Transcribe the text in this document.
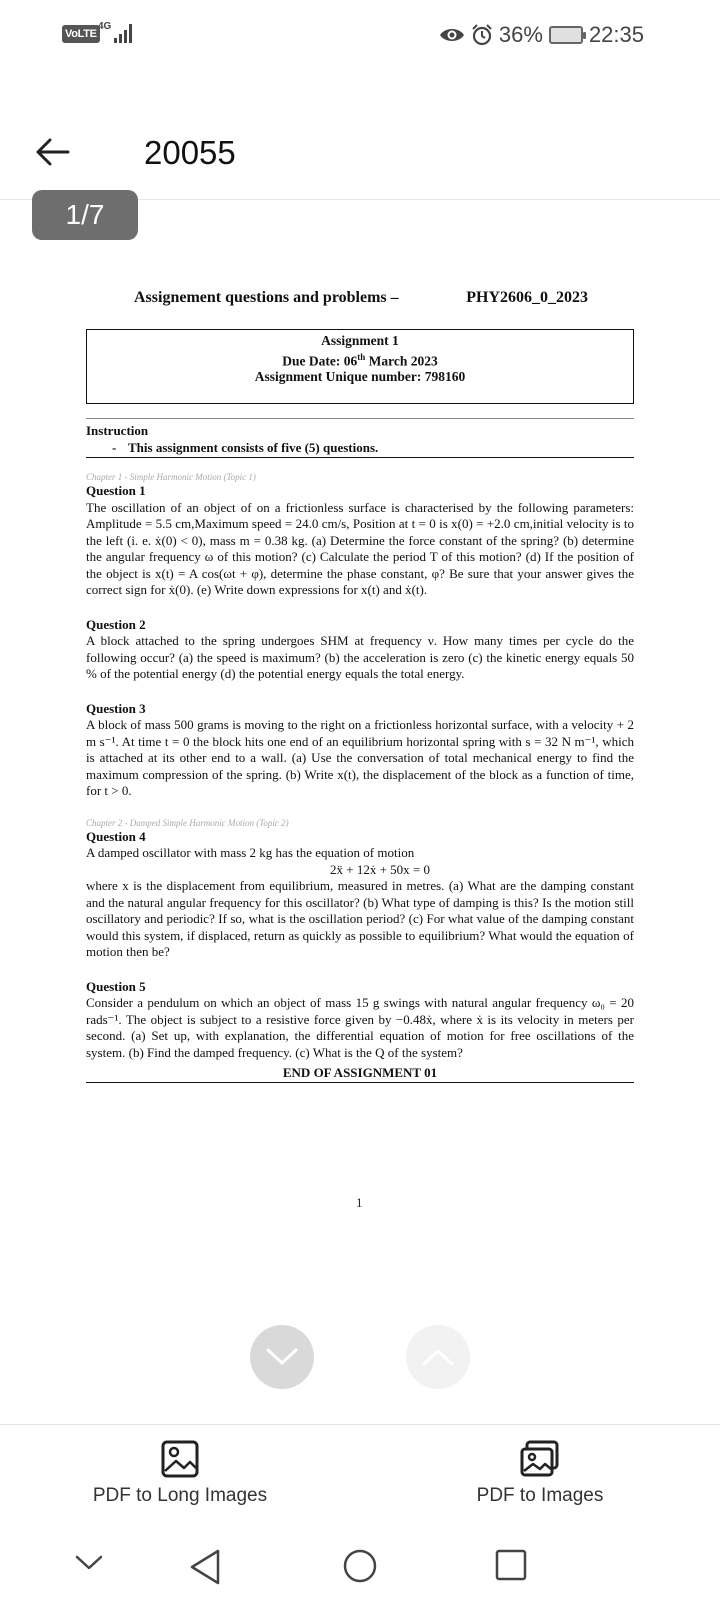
VoLTE
4G	36% 22:35
20055
1/7
Assignement questions and problems –	PHY2606_0_2023
Assignment 1
Due Date: 06th March 2023
Assignment Unique number: 798160
Instruction
- This assignment consists of five (5) questions.
Chapter 1 - Simple Harmonic Motion (Topic 1)
Question 1
The oscillation of an object of on a frictionless surface is characterised by the following parameters: Amplitude = 5.5 cm,Maximum speed = 24.0 cm/s, Position at t = 0 is x(0) = +2.0 cm,initial velocity is to the left (i. e. ẋ(0) < 0), mass m = 0.38 kg. (a) Determine the force constant of the spring? (b) determine the angular frequency ω of this motion? (c) Calculate the period T of this motion? (d) If the position of the object is x(t) = A cos(ωt + φ), determine the phase constant, φ? Be sure that your answer gives the correct sign for ẋ(0). (e) Write down expressions for x(t) and ẋ(t).
Question 2
A block attached to the spring undergoes SHM at frequency ν. How many times per cycle do the following occur? (a) the speed is maximum? (b) the acceleration is zero (c) the kinetic energy equals 50 % of the potential energy (d) the potential energy equals the total energy.
Question 3
A block of mass 500 grams is moving to the right on a frictionless horizontal surface, with a velocity + 2 m s⁻¹. At time t = 0 the block hits one end of an equilibrium horizontal spring with s = 32 N m⁻¹, which is attached at its other end to a wall. (a) Use the conversation of total mechanical energy to find the maximum compression of the spring. (b) Write x(t), the displacement of the block as a function of time, for t > 0.
Chapter 2 - Damped Simple Harmonic Motion (Topic 2)
Question 4
A damped oscillator with mass 2 kg has the equation of motion
2ẍ + 12ẋ + 50x = 0
where x is the displacement from equilibrium, measured in metres. (a) What are the damping constant and the natural angular frequency for this oscillator? (b) What type of damping is this? Is the motion still oscillatory and periodic? If so, what is the oscillation period? (c) For what value of the damping constant would this system, if displaced, return as quickly as possible to equilibrium? What would the equation of motion then be?
Question 5
Consider a pendulum on which an object of mass 15 g swings with natural angular frequency ω₀ = 20 rads⁻¹. The object is subject to a resistive force given by −0.48ẋ, where ẋ is its velocity in meters per second. (a) Set up, with explanation, the differential equation of motion for free oscillations of the system. (b) Find the damped frequency. (c) What is the Q of the system?
END OF ASSIGNMENT 01
1
PDF to Long Images	PDF to Images
